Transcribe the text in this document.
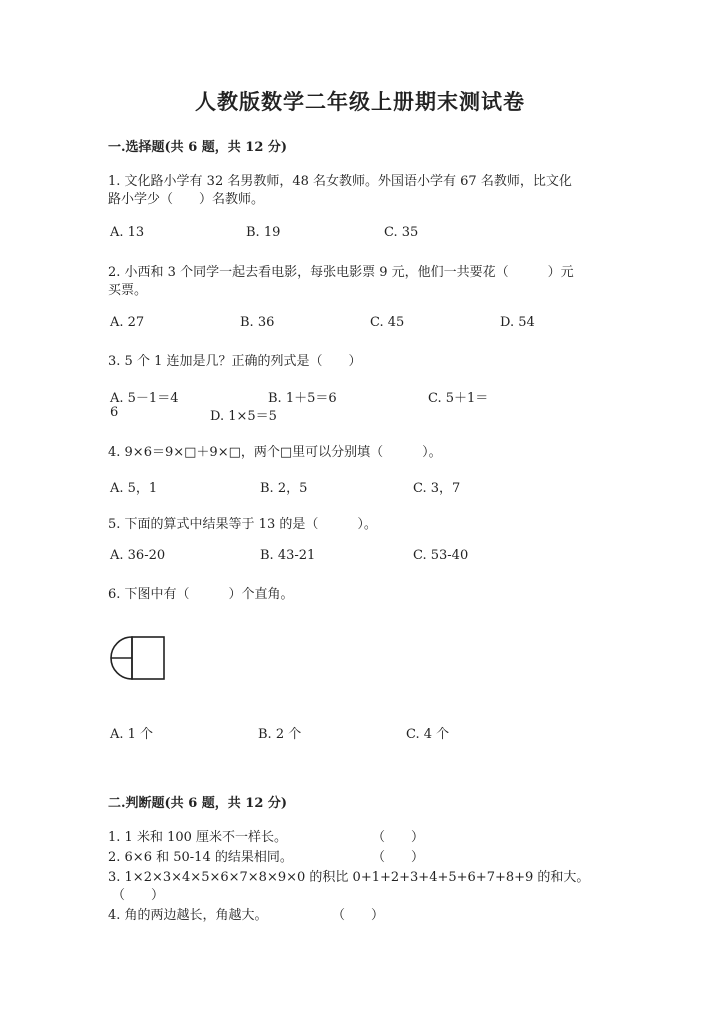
人教版数学二年级上册期末测试卷
一.选择题(共 6 题，共 12 分)
1. 文化路小学有 32 名男教师，48 名女教师。外国语小学有 67 名教师，比文化
路小学少（　　）名教师。
A. 13	B. 19	C. 35
2. 小西和 3 个同学一起去看电影，每张电影票 9 元，他们一共要花（　　　）元
买票。
A. 27	B. 36	C. 45	D. 54
3. 5 个 1 连加是几？正确的列式是（　　）
A. 5－1＝4	B. 1＋5＝6	C. 5＋1＝
6	D. 1×5＝5
4. 9×6＝9×□＋9×□，两个□里可以分别填（　　　）。
A. 5，1	B. 2，5	C. 3，7
5. 下面的算式中结果等于 13 的是（　　　）。
A. 36-20	B. 43-21	C. 53-40
6. 下图中有（　　　）个直角。
A. 1 个	B. 2 个	C. 4 个
二.判断题(共 6 题，共 12 分)
1. 1 米和 100 厘米不一样长。	（　　）
2. 6×6 和 50-14 的结果相同。	（　　）
3. 1×2×3×4×5×6×7×8×9×0 的积比 0+1+2+3+4+5+6+7+8+9 的和大。
（　　）
4. 角的两边越长，角越大。	（　　）
